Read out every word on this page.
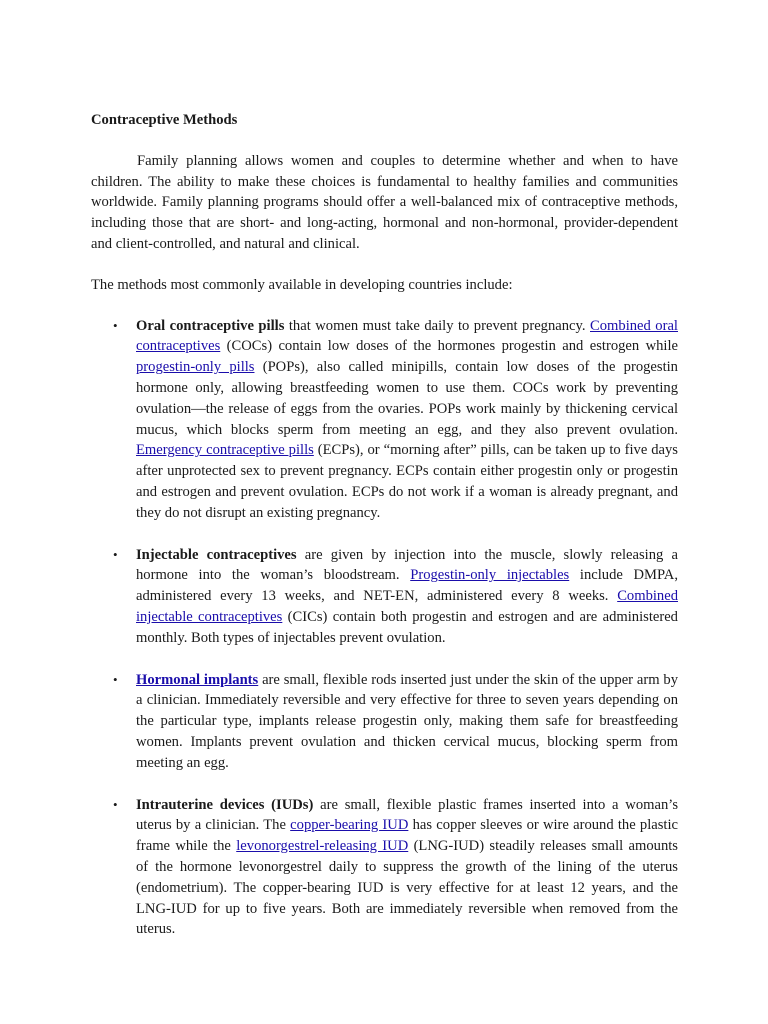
Contraceptive Methods

Family planning allows women and couples to determine whether and when to have children. The ability to make these choices is fundamental to healthy families and communities worldwide. Family planning programs should offer a well-balanced mix of contraceptive methods, including those that are short- and long-acting, hormonal and non-hormonal, provider-dependent and client-controlled, and natural and clinical.

The methods most commonly available in developing countries include:

• Oral contraceptive pills that women must take daily to prevent pregnancy. Combined oral contraceptives (COCs) contain low doses of the hormones progestin and estrogen while progestin-only pills (POPs), also called minipills, contain low doses of the progestin hormone only, allowing breastfeeding women to use them. COCs work by preventing ovulation—the release of eggs from the ovaries. POPs work mainly by thickening cervical mucus, which blocks sperm from meeting an egg, and they also prevent ovulation. Emergency contraceptive pills (ECPs), or “morning after” pills, can be taken up to five days after unprotected sex to prevent pregnancy. ECPs contain either progestin only or progestin and estrogen and prevent ovulation. ECPs do not work if a woman is already pregnant, and they do not disrupt an existing pregnancy.
• Injectable contraceptives are given by injection into the muscle, slowly releasing a hormone into the woman’s bloodstream. Progestin-only injectables include DMPA, administered every 13 weeks, and NET-EN, administered every 8 weeks. Combined injectable contraceptives (CICs) contain both progestin and estrogen and are administered monthly. Both types of injectables prevent ovulation.
• Hormonal implants are small, flexible rods inserted just under the skin of the upper arm by a clinician. Immediately reversible and very effective for three to seven years depending on the particular type, implants release progestin only, making them safe for breastfeeding women. Implants prevent ovulation and thicken cervical mucus, blocking sperm from meeting an egg.
• Intrauterine devices (IUDs) are small, flexible plastic frames inserted into a woman’s uterus by a clinician. The copper-bearing IUD has copper sleeves or wire around the plastic frame while the levonorgestrel-releasing IUD (LNG-IUD) steadily releases small amounts of the hormone levonorgestrel daily to suppress the growth of the lining of the uterus (endometrium). The copper-bearing IUD is very effective for at least 12 years, and the LNG-IUD for up to five years. Both are immediately reversible when removed from the uterus.
